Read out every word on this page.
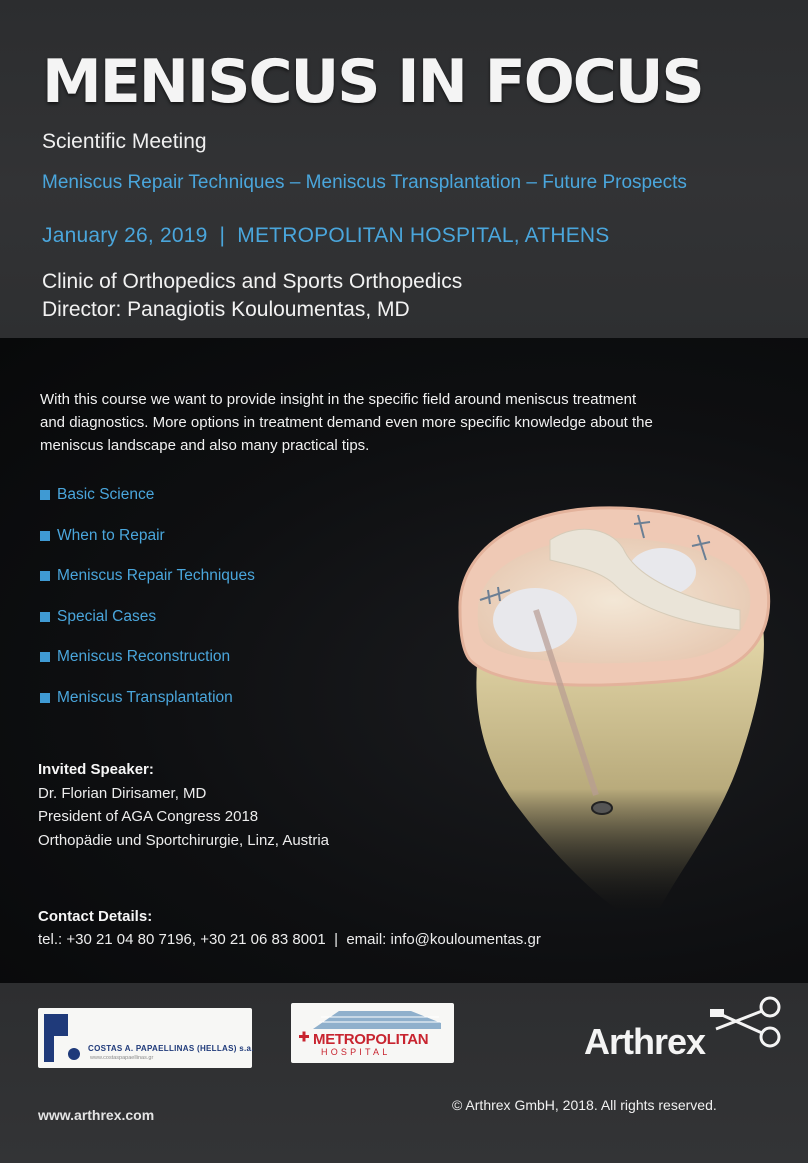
MENISCUS IN FOCUS
Scientific Meeting
Meniscus Repair Techniques – Meniscus Transplantation – Future Prospects
January 26, 2019  |  METROPOLITAN HOSPITAL, ATHENS
Clinic of Orthopedics and Sports Orthopedics
Director: Panagiotis Kouloumentas, MD
With this course we want to provide insight in the specific field around meniscus treatment
and diagnostics. More options in treatment demand even more specific knowledge about the
meniscus landscape and also many practical tips.
Basic Science
When to Repair
Meniscus Repair Techniques
Special Cases
Meniscus Reconstruction
Meniscus Transplantation
Invited Speaker:
Dr. Florian Dirisamer, MD
President of AGA Congress 2018
Orthopädie und Sportchirurgie, Linz, Austria
Contact Details:
tel.: +30 21 04 80 7196, +30 21 06 83 8001  |  email: info@kouloumentas.gr
COSTAS A. PAPAELLINAS (HELLAS) s.a.
www.costaspapaellinas.gr
METROPOLITAN
HOSPITAL	Arthrex
www.arthrex.com
© Arthrex GmbH, 2018. All rights reserved.
